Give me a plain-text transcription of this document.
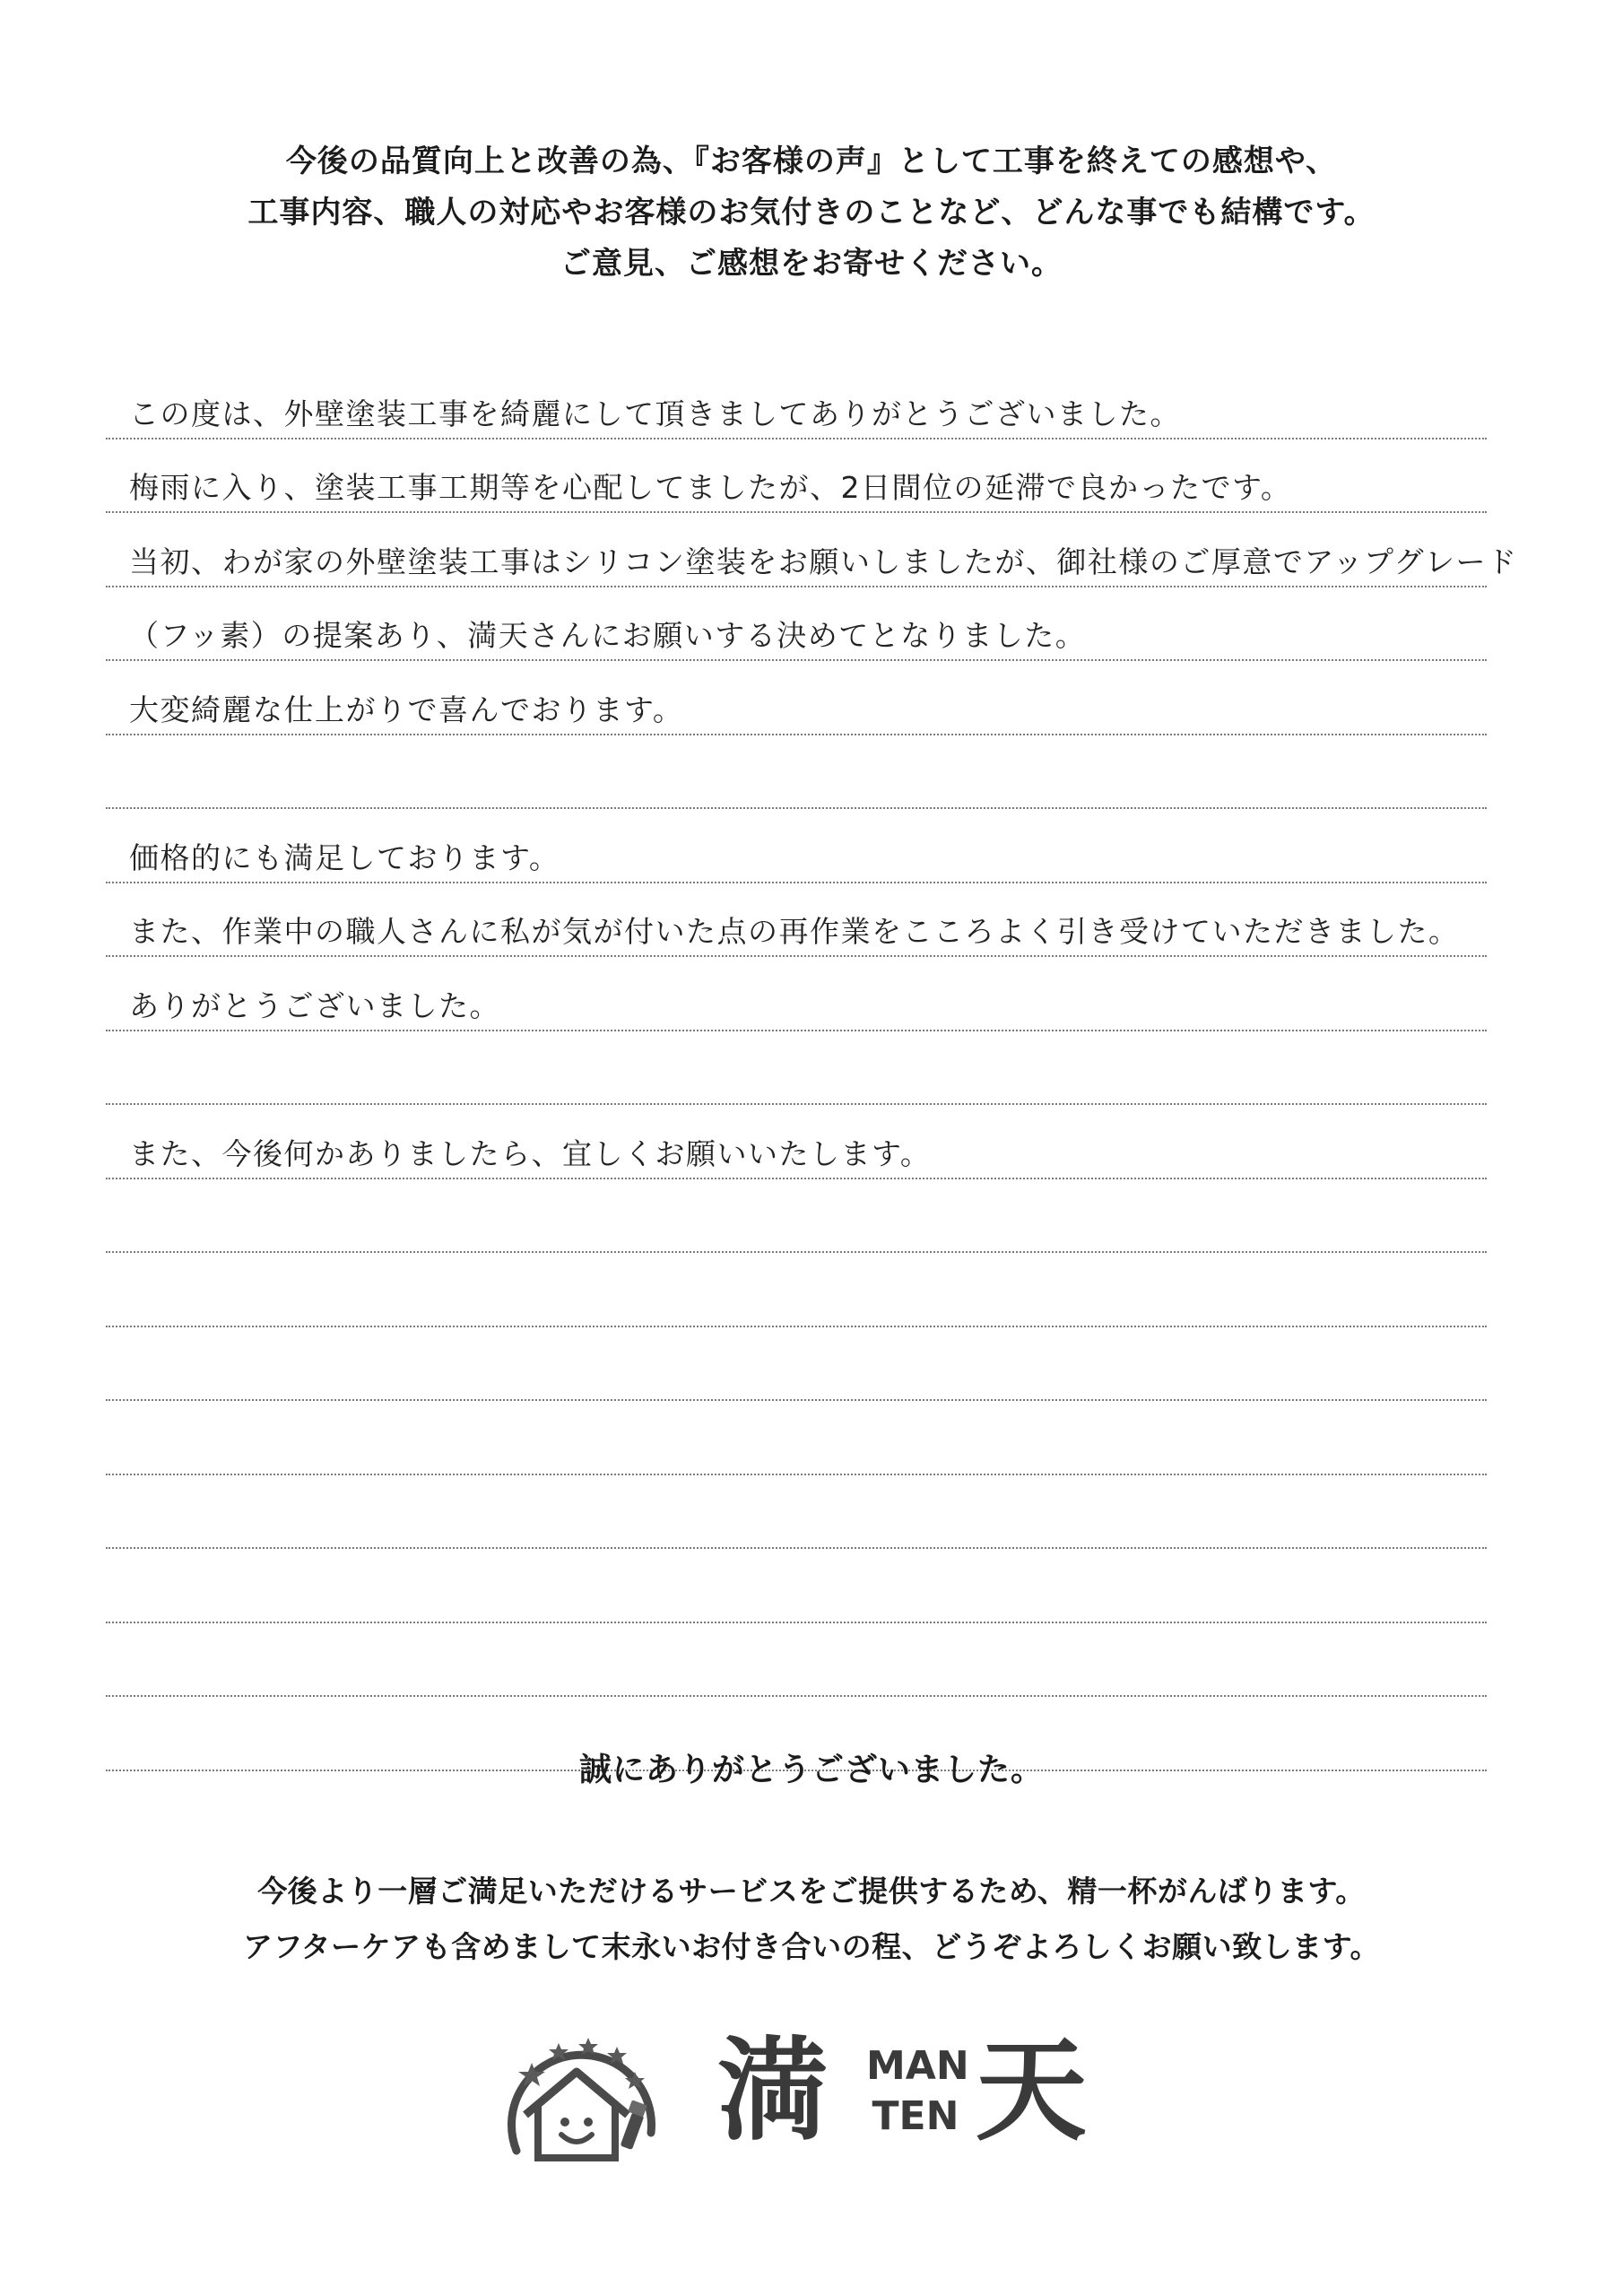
今後の品質向上と改善の為、『お客様の声』として工事を終えての感想や、
工事内容、職人の対応やお客様のお気付きのことなど、どんな事でも結構です。
ご意見、ご感想をお寄せください。
この度は、外壁塗装工事を綺麗にして頂きましてありがとうございました。
梅雨に入り、塗装工事工期等を心配してましたが、2日間位の延滞で良かったです。
当初、わが家の外壁塗装工事はシリコン塗装をお願いしましたが、御社様のご厚意でアップグレード
（フッ素）の提案あり、満天さんにお願いする決めてとなりました。
大変綺麗な仕上がりで喜んでおります。
価格的にも満足しております。
また、作業中の職人さんに私が気が付いた点の再作業をこころよく引き受けていただきました。
ありがとうございました。
また、今後何かありましたら、宜しくお願いいたします。
誠にありがとうございました。
今後より一層ご満足いただけるサービスをご提供するため、精一杯がんばります。
アフターケアも含めまして末永いお付き合いの程、どうぞよろしくお願い致します。
満 MAN
TEN 天
